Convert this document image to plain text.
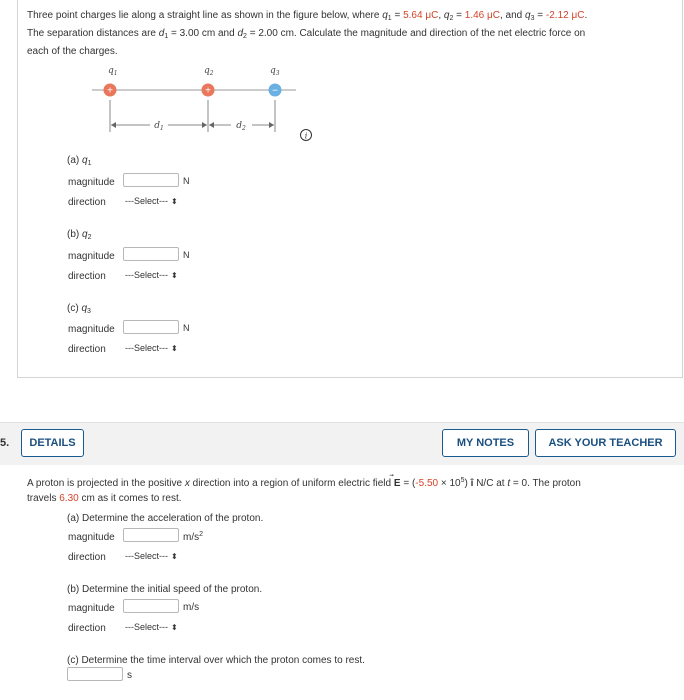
Three point charges lie along a straight line as shown in the figure below, where $q_1 = 5.64$ μC, $q_2 = 1.46$ μC, and $q_3 = -2.12$ μC.
The separation distances are $d_1 = 3.00$ cm and $d_2 = 2.00$ cm. Calculate the magnitude and direction of the net electric force on
each of the charges.
$q_1$	$q_2$	$q_3$
+	+	−
$d_1$	$d_2$
i
(a) $q_1$
magnitude	N
direction ---Select--- ⬍
(b) $q_2$
magnitude	N
direction ---Select--- ⬍
(c) $q_3$
magnitude	N
direction ---Select--- ⬍
5.	DETAILS	MY NOTES	ASK YOUR TEACHER
A proton is projected in the positive x direction into a region of uniform electric field
$E = (-5.50 \times 10^5)$ î N/C at t = 0. The proton
travels 6.30 cm as it comes to rest.
(a) Determine the acceleration of the proton.
magnitude	$m/s^2$
direction ---Select--- ⬍
(b) Determine the initial speed of the proton.
magnitude	m/s
direction ---Select--- ⬍
(c) Determine the time interval over which the proton comes to rest.
s
